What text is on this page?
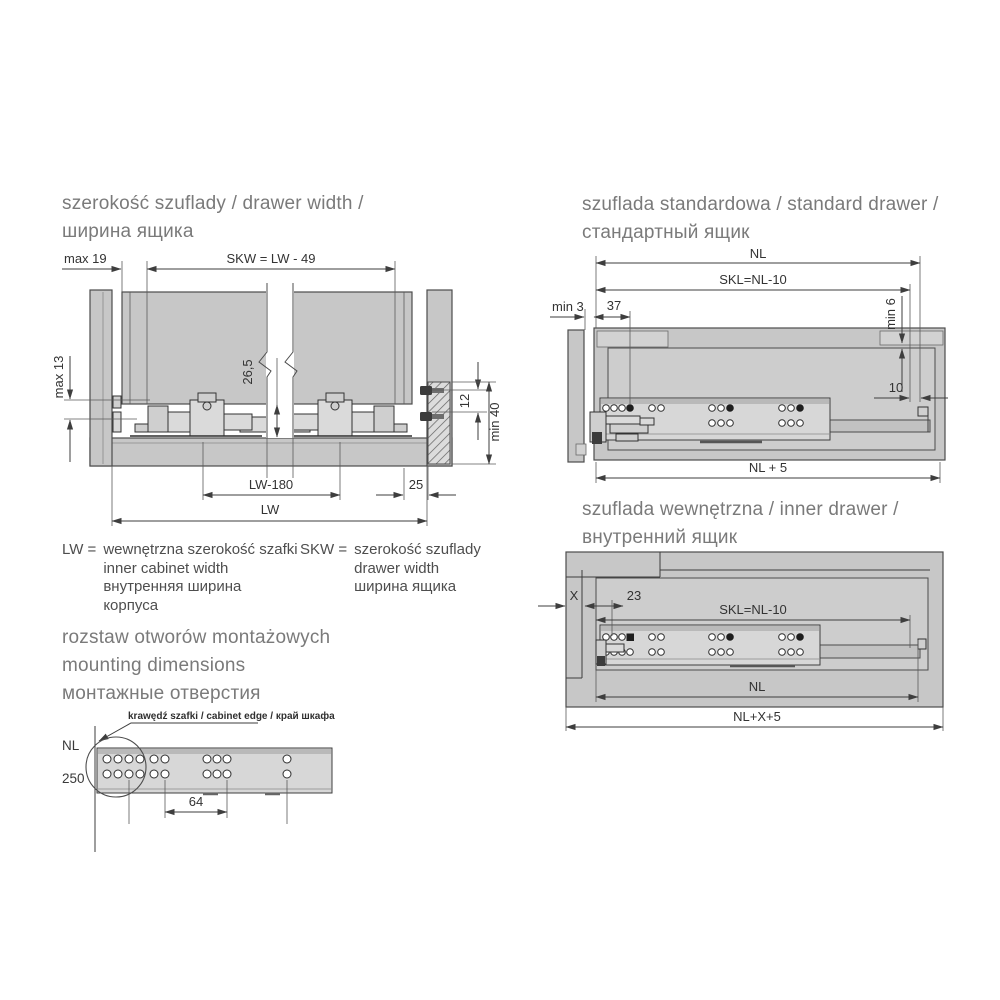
szerokość szuflady / drawer width /
ширина ящика
max 19	SKW = LW - 49
max 13	26,5
12
min 40
LW-180	25
LW
LW = wewnętrzna szerokość szafki
inner cabinet width
внутренняя ширина корпуса
SKW = szerokość szuflady
drawer width
ширина ящика
rozstaw otworów montażowych
mounting dimensions
монтажные отверстия
krawędź szafki / cabinet edge / край шкафа
NL
250
64
szuflada standardowa / standard drawer /
стандартный ящик
NL
SKL=NL-10
min 3 37	min 6
10
NL + 5
szuflada wewnętrzna / inner drawer /
внутренний ящик
X	23
SKL=NL-10
NL
NL+X+5
